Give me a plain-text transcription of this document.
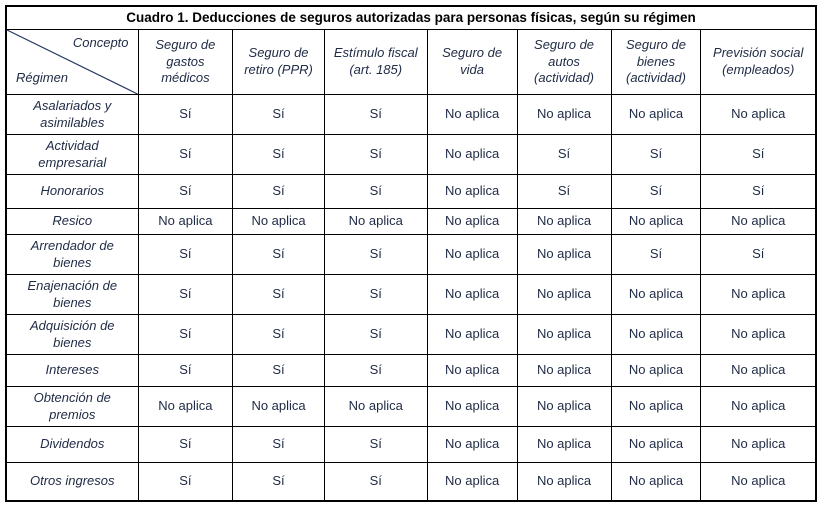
Cuadro 1. Deducciones de seguros autorizadas para personas físicas, según su régimen							

Concepto
Régimen	Seguro de gastos médicos	Seguro de retiro (PPR)	Estímulo fiscal (art. 185)	Seguro de vida	Seguro de autos (actividad)	Seguro de bienes (actividad)	Previsión social (empleados)
Asalariados y asimilables	Sí	Sí	Sí	No aplica	No aplica	No aplica	No aplica
Actividad empresarial	Sí	Sí	Sí	No aplica	Sí	Sí	Sí
Honorarios	Sí	Sí	Sí	No aplica	Sí	Sí	Sí
Resico	No aplica	No aplica	No aplica	No aplica	No aplica	No aplica	No aplica
Arrendador de bienes	Sí	Sí	Sí	No aplica	No aplica	Sí	Sí
Enajenación de bienes	Sí	Sí	Sí	No aplica	No aplica	No aplica	No aplica
Adquisición de bienes	Sí	Sí	Sí	No aplica	No aplica	No aplica	No aplica
Intereses	Sí	Sí	Sí	No aplica	No aplica	No aplica	No aplica
Obtención de premios	No aplica	No aplica	No aplica	No aplica	No aplica	No aplica	No aplica
Dividendos	Sí	Sí	Sí	No aplica	No aplica	No aplica	No aplica
Otros ingresos	Sí	Sí	Sí	No aplica	No aplica	No aplica	No aplica
